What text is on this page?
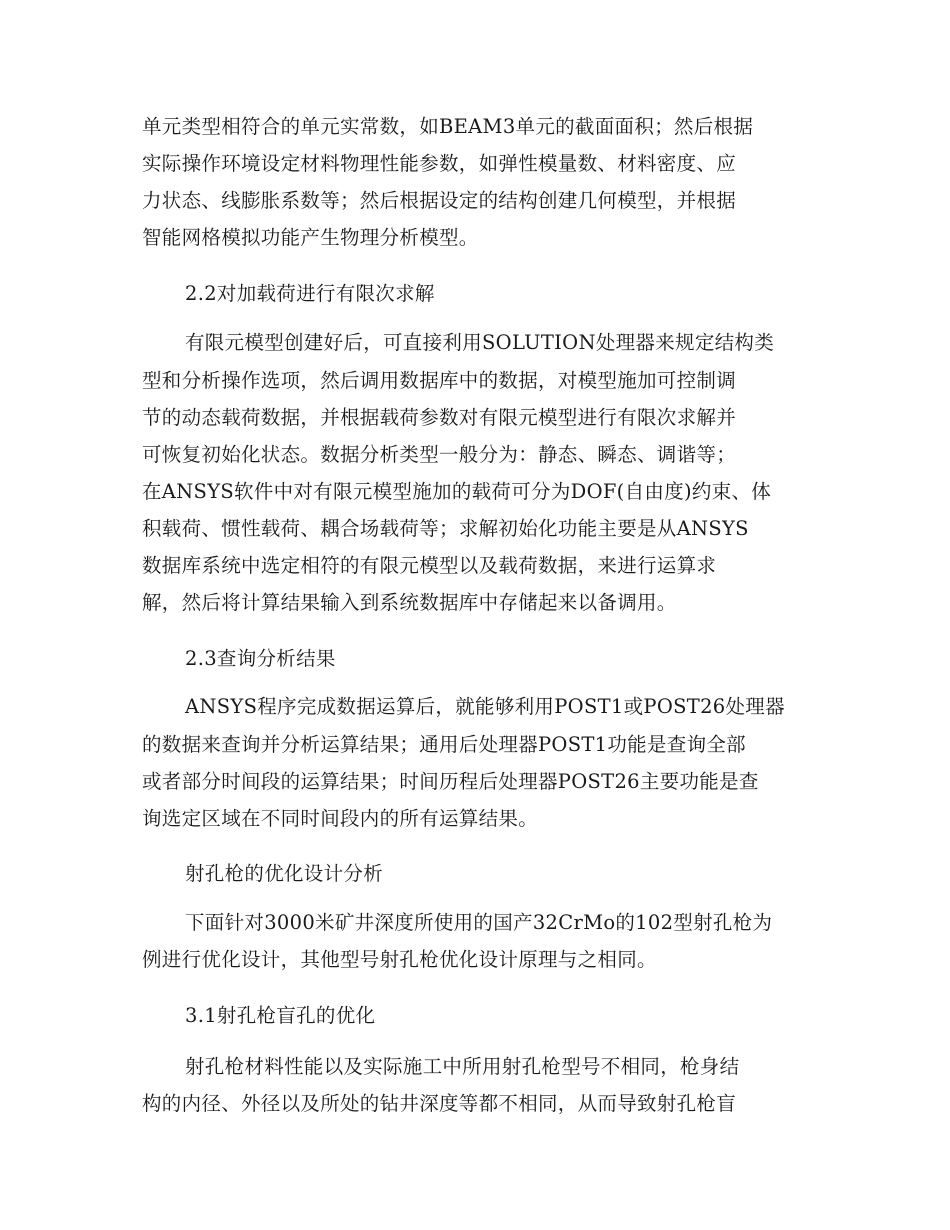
单元类型相符合的单元实常数，如BEAM3单元的截面面积；然后根据
实际操作环境设定材料物理性能参数，如弹性模量数、材料密度、应
力状态、线膨胀系数等；然后根据设定的结构创建几何模型，并根据
智能网格模拟功能产生物理分析模型。
2.2对加载荷进行有限次求解
有限元模型创建好后，可直接利用SOLUTION处理器来规定结构类
型和分析操作选项，然后调用数据库中的数据，对模型施加可控制调
节的动态载荷数据，并根据载荷参数对有限元模型进行有限次求解并
可恢复初始化状态。数据分析类型一般分为：静态、瞬态、调谐等；
在ANSYS软件中对有限元模型施加的载荷可分为DOF(自由度)约束、体
积载荷、惯性载荷、耦合场载荷等；求解初始化功能主要是从ANSYS
数据库系统中选定相符的有限元模型以及载荷数据，来进行运算求
解，然后将计算结果输入到系统数据库中存储起来以备调用。
2.3查询分析结果
ANSYS程序完成数据运算后，就能够利用POST1或POST26处理器
的数据来查询并分析运算结果；通用后处理器POST1功能是查询全部
或者部分时间段的运算结果；时间历程后处理器POST26主要功能是查
询选定区域在不同时间段内的所有运算结果。
射孔枪的优化设计分析
下面针对3000米矿井深度所使用的国产32CrMo的102型射孔枪为
例进行优化设计，其他型号射孔枪优化设计原理与之相同。
3.1射孔枪盲孔的优化
射孔枪材料性能以及实际施工中所用射孔枪型号不相同，枪身结
构的内径、外径以及所处的钻井深度等都不相同，从而导致射孔枪盲
